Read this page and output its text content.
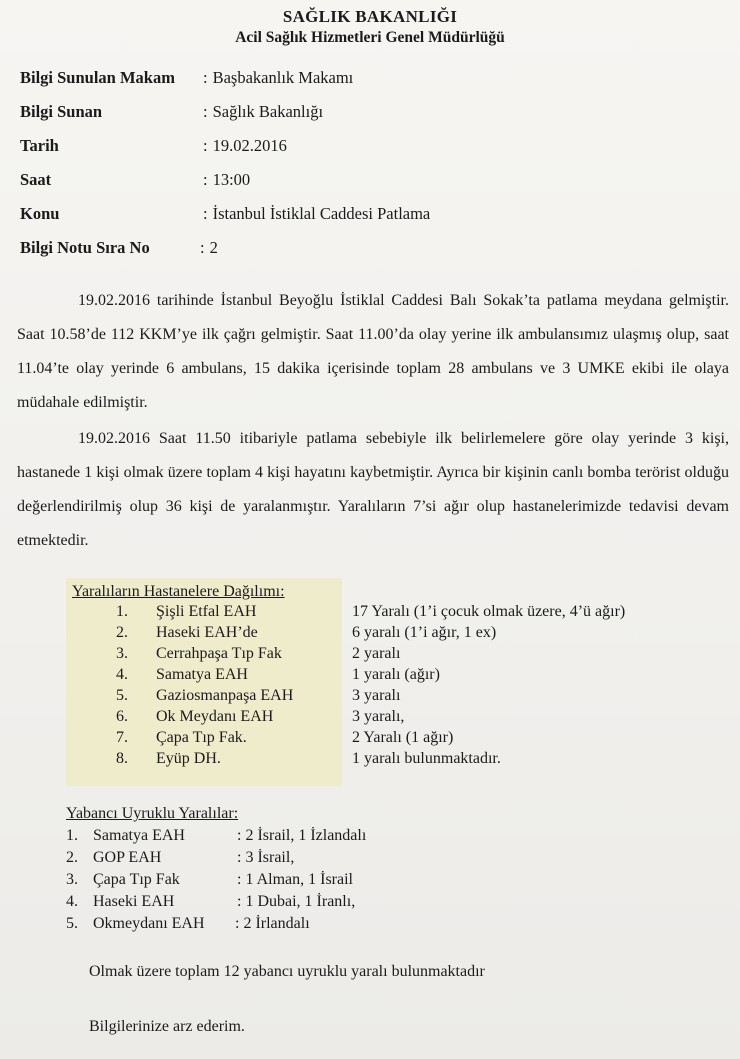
SAĞLIK BAKANLIĞI
Acil Sağlık Hizmetleri Genel Müdürlüğü
Bilgi Sunulan Makam : Başbakanlık Makamı
Bilgi Sunan	: Sağlık Bakanlığı
Tarih	: 19.02.2016
Saat	: 13:00
Konu	: İstanbul İstiklal Caddesi Patlama
Bilgi Notu Sıra No	: 2

19.02.2016 tarihinde İstanbul Beyoğlu İstiklal Caddesi Balı Sokak’ta patlama meydana gelmiştir. Saat 10.58’de 112 KKM’ye ilk çağrı gelmiştir. Saat 11.00’da olay yerine ilk ambulansımız ulaşmış olup, saat 11.04’te olay yerinde 6 ambulans, 15 dakika içerisinde toplam 28 ambulans ve 3 UMKE ekibi ile olaya müdahale edilmiştir.

19.02.2016 Saat 11.50 itibariyle patlama sebebiyle ilk belirlemelere göre olay yerinde 3 kişi, hastanede 1 kişi olmak üzere toplam 4 kişi hayatını kaybetmiştir. Ayrıca bir kişinin canlı bomba terörist olduğu değerlendirilmiş olup 36 kişi de yaralanmıştır. Yaralıların 7’si ağır olup hastanelerimizde tedavisi devam etmektedir.

Yaralıların Hastanelere Dağılımı:
1. Şişli Etfal EAH	17 Yaralı (1’i çocuk olmak üzere, 4’ü ağır)
2. Haseki EAH’de	6 yaralı (1’i ağır, 1 ex)
3. Cerrahpaşa Tıp Fak	2 yaralı
4. Samatya EAH	1 yaralı (ağır)
5. Gaziosmanpaşa EAH	3 yaralı
6. Ok Meydanı EAH	3 yaralı,
7. Çapa Tıp Fak.	2 Yaralı (1 ağır)
8. Eyüp DH.	1 yaralı bulunmaktadır.
Yabancı Uyruklu Yaralılar:
1. Samatya EAH	: 2 İsrail, 1 İzlandalı
2. GOP EAH	: 3 İsrail,
3. Çapa Tıp Fak	: 1 Alman, 1 İsrail
4. Haseki EAH	: 1 Dubai, 1 İranlı,
5. Okmeydanı EAH : 2 İrlandalı
Olmak üzere toplam 12 yabancı uyruklu yaralı bulunmaktadır
Bilgilerinize arz ederim.
